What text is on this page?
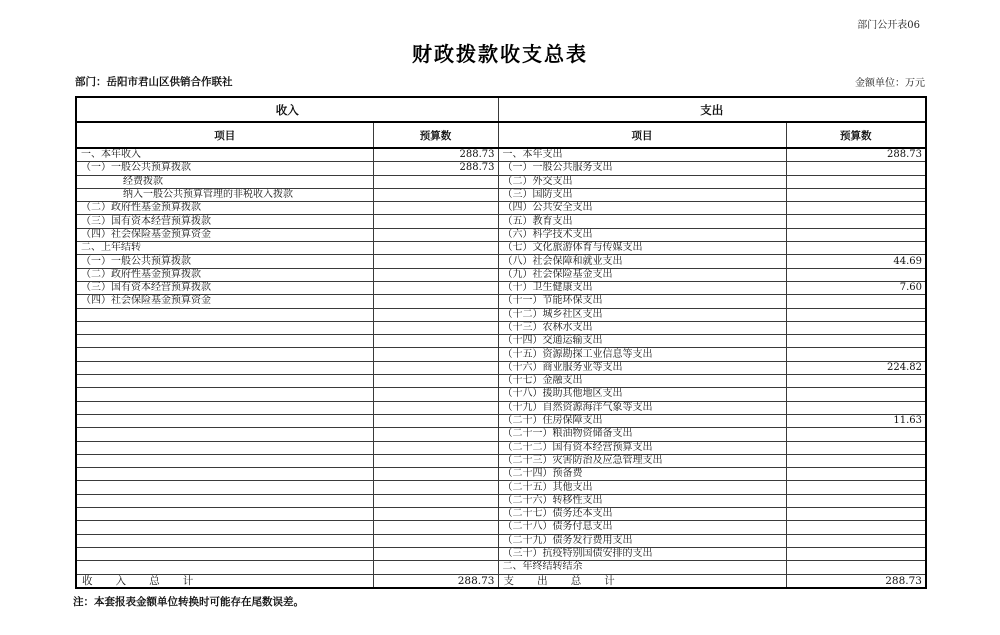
部门公开表06
财政拨款收支总表
部门：岳阳市君山区供销合作联社	金额单位：万元
收入		支出	
项目	预算数	项目	预算数
一、本年收入	288.73	一、本年支出	288.73
（一）一般公共预算拨款	288.73	（一）一般公共服务支出	
经费拨款		（二）外交支出	
纳入一般公共预算管理的非税收入拨款		（三）国防支出	
（二）政府性基金预算拨款		（四）公共安全支出	
（三）国有资本经营预算拨款		（五）教育支出	
（四）社会保险基金预算资金		（六）科学技术支出	
二、上年结转		（七）文化旅游体育与传媒支出	
（一）一般公共预算拨款		（八）社会保障和就业支出	44.69
（二）政府性基金预算拨款		（九）社会保险基金支出	
（三）国有资本经营预算拨款		（十）卫生健康支出	7.60
（四）社会保险基金预算资金		（十一）节能环保支出	
		（十二）城乡社区支出	
		（十三）农林水支出	
		（十四）交通运输支出	
		（十五）资源勘探工业信息等支出	
		（十六）商业服务业等支出	224.82
		（十七）金融支出	
		（十八）援助其他地区支出	
		（十九）自然资源海洋气象等支出	
		（二十）住房保障支出	11.63
		（二十一）粮油物资储备支出	
		（二十二）国有资本经营预算支出	
		（二十三）灾害防治及应急管理支出	
		（二十四）预备费	
		（二十五）其他支出	
		（二十六）转移性支出	
		（二十七）债务还本支出	
		（二十八）债务付息支出	
		（二十九）债务发行费用支出	
		（三十）抗疫特别国债安排的支出	
		二、年终结转结余	
收入总计	288.73	支出总计	288.73
注：本套报表金额单位转换时可能存在尾数误差。
